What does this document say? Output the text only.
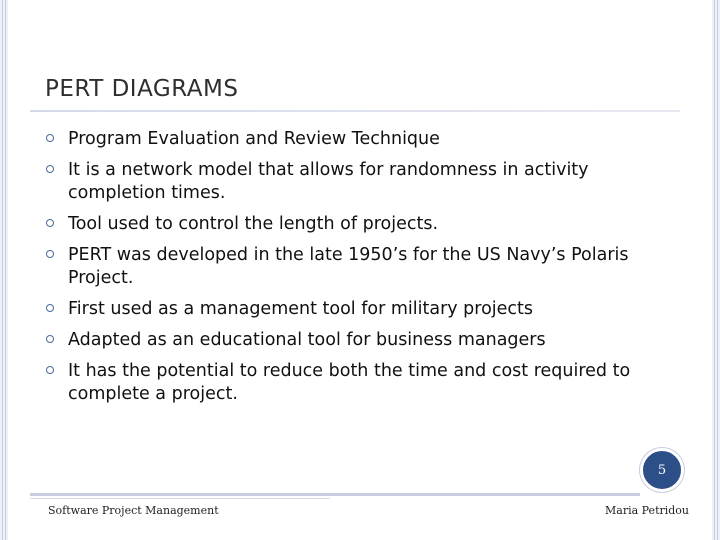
PERT DIAGRAMS
Program Evaluation and Review Technique
It is a network model that allows for randomness in activity completion times.
Tool used to control the length of projects.
PERT was developed in the late 1950’s for the US Navy’s Polaris Project.
First used as a management tool for military projects
Adapted as an educational tool for business managers
It has the potential to reduce both the time and cost required to complete a project.
5
Software Project Management	Maria Petridou
